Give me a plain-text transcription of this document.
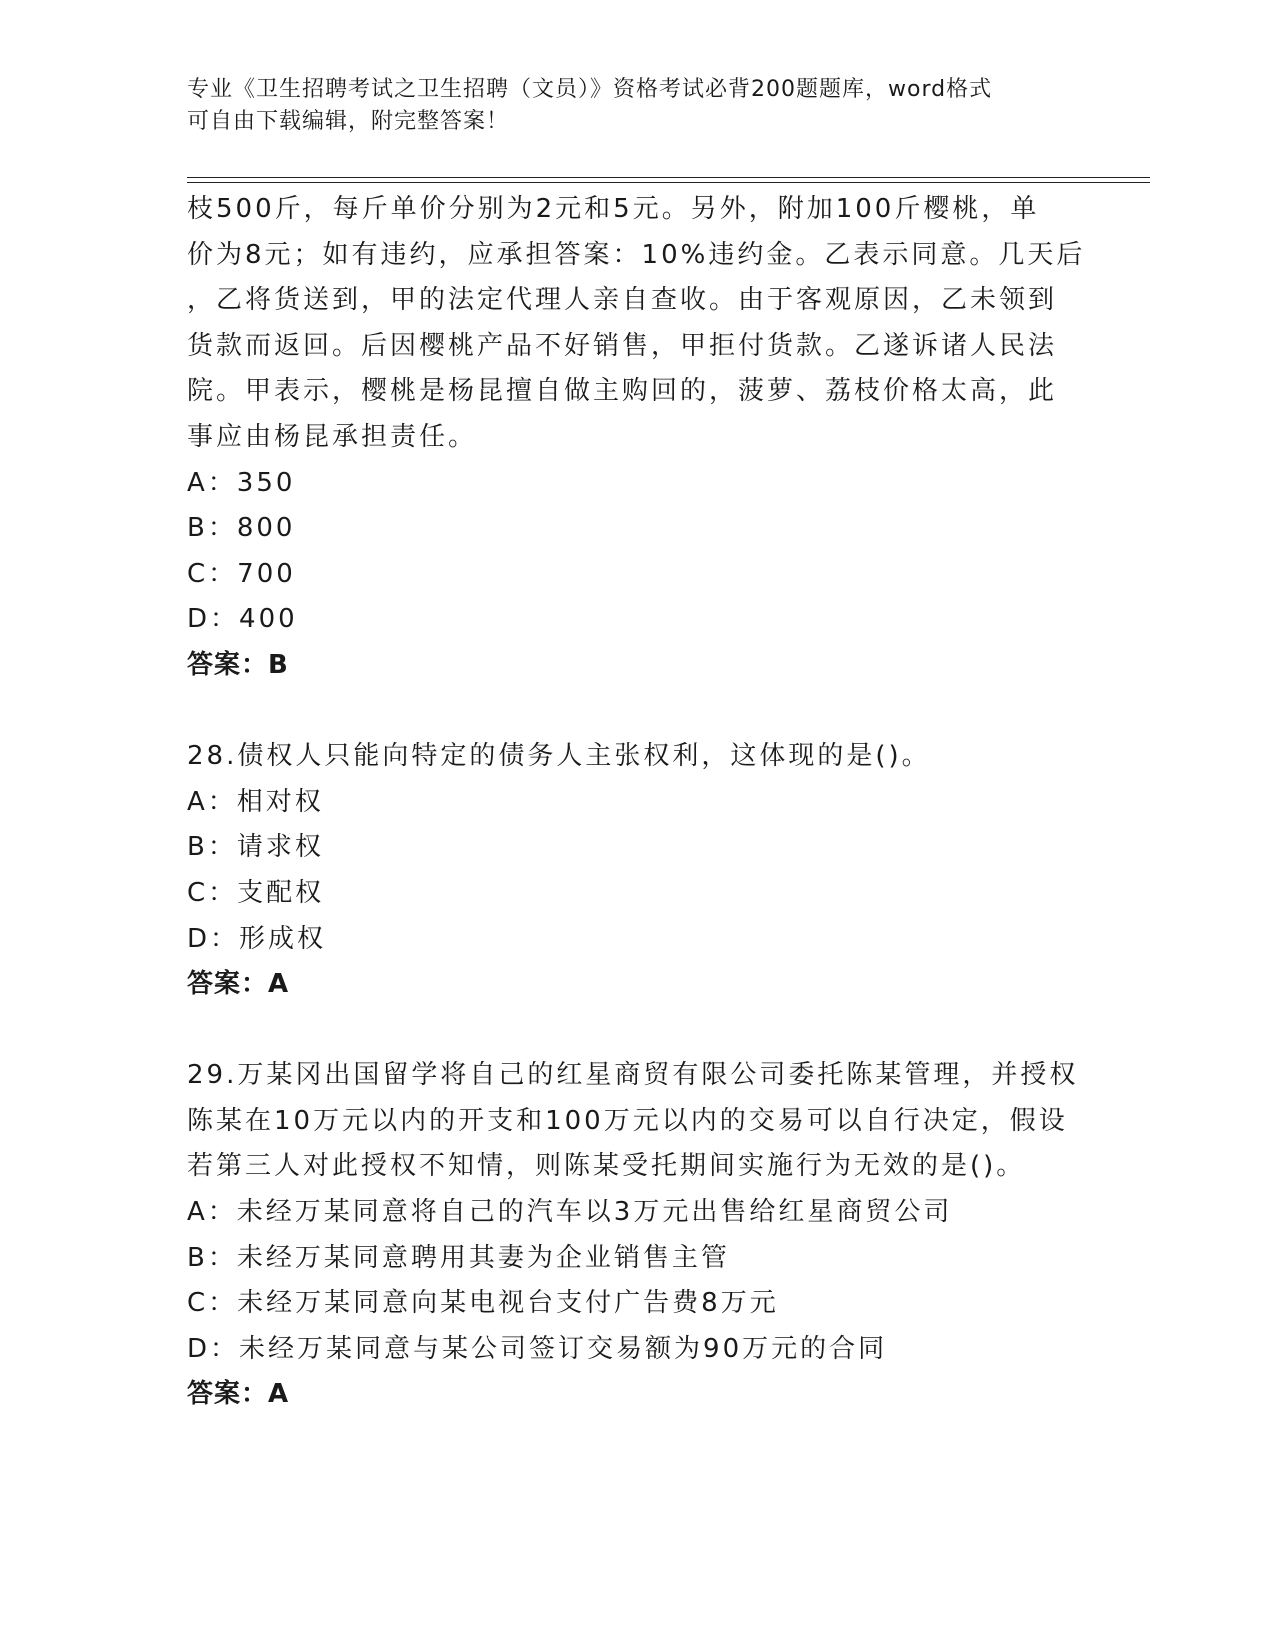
专业《卫生招聘考试之卫生招聘（文员）》资格考试必背200题题库，word格式
可自由下载编辑，附完整答案！
枝500斤，每斤单价分别为2元和5元。另外，附加100斤樱桃，单
价为8元；如有违约，应承担答案：10%违约金。乙表示同意。几天后
，乙将货送到，甲的法定代理人亲自查收。由于客观原因，乙未领到
货款而返回。后因樱桃产品不好销售，甲拒付货款。乙遂诉诸人民法
院。甲表示，樱桃是杨昆擅自做主购回的，菠萝、荔枝价格太高，此
事应由杨昆承担责任。
A：350
B：800
C：700
D：400
答案：B
28.债权人只能向特定的债务人主张权利，这体现的是()。
A：相对权
B：请求权
C：支配权
D：形成权
答案：A
29.万某冈出国留学将自己的红星商贸有限公司委托陈某管理，并授权
陈某在10万元以内的开支和100万元以内的交易可以自行决定，假设
若第三人对此授权不知情，则陈某受托期间实施行为无效的是()。
A：未经万某同意将自己的汽车以3万元出售给红星商贸公司
B：未经万某同意聘用其妻为企业销售主管
C：未经万某同意向某电视台支付广告费8万元
D：未经万某同意与某公司签订交易额为90万元的合同
答案：A
